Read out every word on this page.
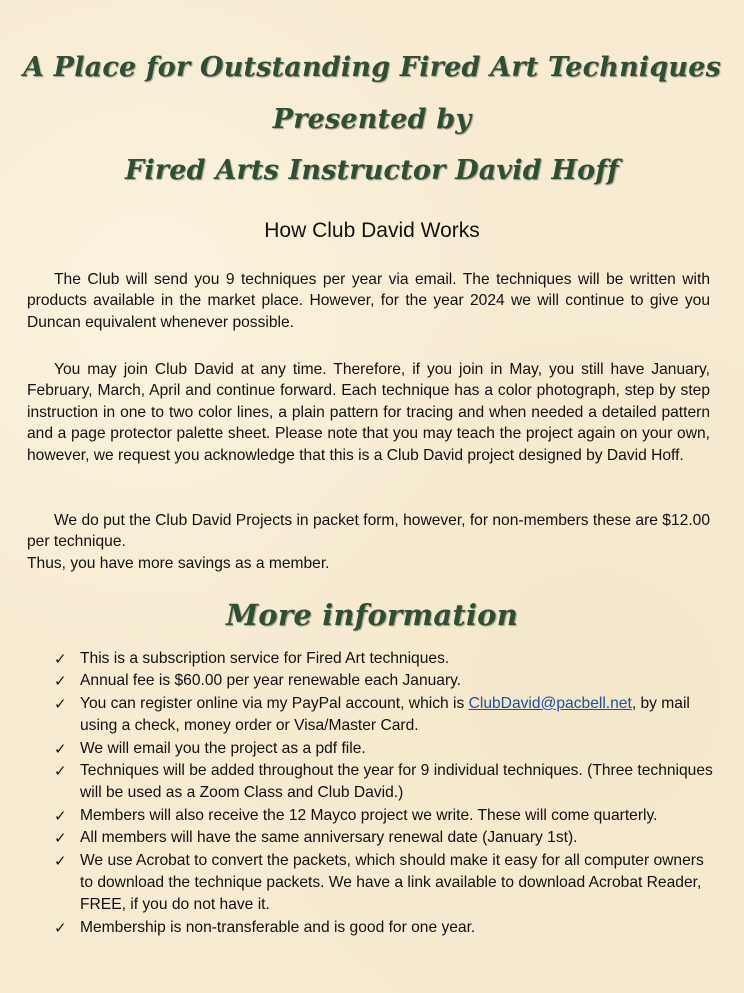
A Place for Outstanding Fired Art Techniques
Presented by
Fired Arts Instructor David Hoff
How Club David Works

The Club will send you 9 techniques per year via email. The techniques will be written with products available in the market place. However, for the year 2024 we will continue to give you Duncan equivalent whenever possible.

You may join Club David at any time. Therefore, if you join in May, you still have January, February, March, April and continue forward. Each technique has a color photograph, step by step instruction in one to two color lines, a plain pattern for tracing and when needed a detailed pattern and a page protector palette sheet. Please note that you may teach the project again on your own, however, we request you acknowledge that this is a Club David project designed by David Hoff.

We do put the Club David Projects in packet form, however, for non-members these are $12.00 per technique.

Thus, you have more savings as a member.

More information
✓ This is a subscription service for Fired Art techniques.
✓ Annual fee is $60.00 per year renewable each January.
✓ You can register online via my PayPal account, which is ClubDavid@pacbell.net, by mail using a check, money order or Visa/Master Card.
✓ We will email you the project as a pdf file.
✓ Techniques will be added throughout the year for 9 individual techniques. (Three techniques will be used as a Zoom Class and Club David.)
✓ Members will also receive the 12 Mayco project we write. These will come quarterly.
✓ All members will have the same anniversary renewal date (January 1st).
✓ We use Acrobat to convert the packets, which should make it easy for all computer owners to download the technique packets. We have a link available to download Acrobat Reader, FREE, if you do not have it.
✓ Membership is non-transferable and is good for one year.
